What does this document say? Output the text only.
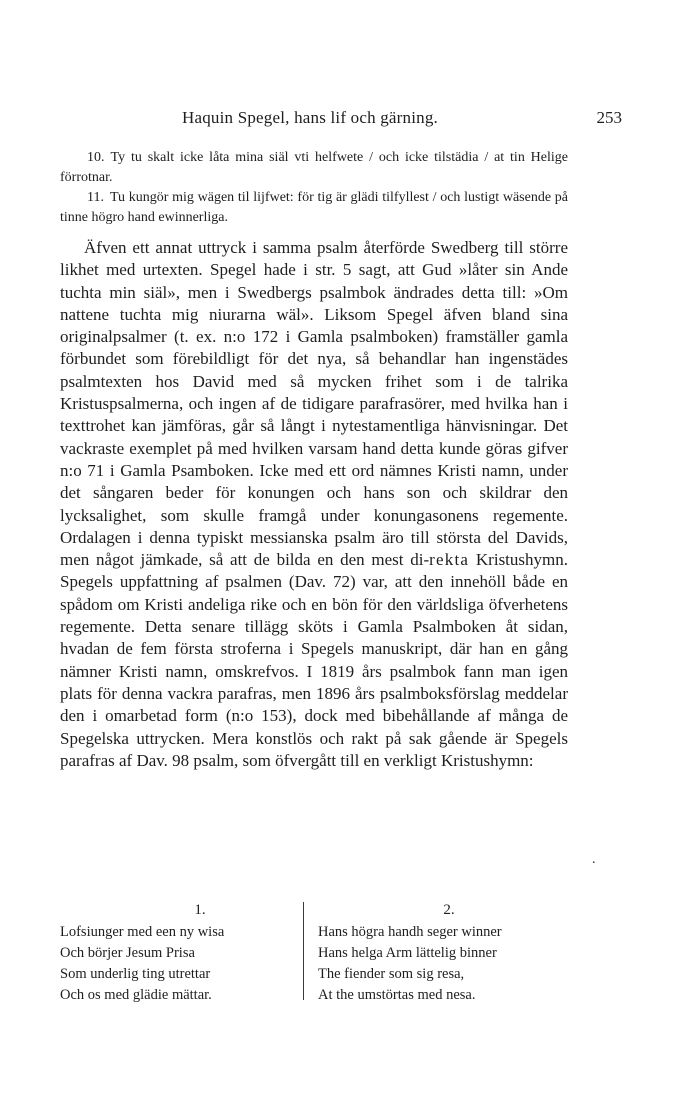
Haquin Spegel, hans lif och gärning.	253

10. Ty tu skalt icke låta mina siäl vti helfwete / och icke tilstädia / at tin Helige förrotnar.

11. Tu kungör mig wägen til lijfwet: för tig är glädi tilfyllest / och lustigt wäsende på tinne högro hand ewinnerliga.

Äfven ett annat uttryck i samma psalm återförde Swedberg till större likhet med urtexten. Spegel hade i str. 5 sagt, att Gud »låter sin Ande tuchta min siäl», men i Swedbergs psalmbok ändrades detta till: »Om nattene tuchta mig niurarna wäl». Liksom Spegel äfven bland sina originalpsalmer (t. ex. n:o 172 i Gamla psalmboken) framställer gamla förbundet som förebildligt för det nya, så behandlar han ingenstädes psalmtexten hos David med så mycken frihet som i de talrika Kristuspsalmerna, och ingen af de tidigare parafrasörer, med hvilka han i texttrohet kan jämföras, går så långt i nytestamentliga hänvisningar. Det vackraste exemplet på med hvilken varsam hand detta kunde göras gifver n:o 71 i Gamla Psamboken. Icke med ett ord nämnes Kristi namn, under det sångaren beder för konungen och hans son och skildrar den lycksalighet, som skulle framgå under konungasonens regemente. Ordalagen i denna typiskt messianska psalm äro till största del Davids, men något jämkade, så att de bilda en den mest di-rekta Kristushymn. Spegels uppfattning af psalmen (Dav. 72) var, att den innehöll både en spådom om Kristi andeliga rike och en bön för den världsliga öfverhetens regemente. Detta senare tillägg sköts i Gamla Psalmboken åt sidan, hvadan de fem första stroferna i Spegels manuskript, där han en gång nämner Kristi namn, omskrefvos. I 1819 års psalmbok fann man igen plats för denna vackra parafras, men 1896 års psalmboksförslag meddelar den i omarbetad form (n:o 153), dock med bibehållande af många de Spegelska uttrycken. Mera konstlös och rakt på sak gående är Spegels parafras af Dav. 98 psalm, som öfvergått till en verkligt Kristushymn:

1.
Lofsiunger med een ny wisa
Och börjer Jesum Prisa
Som underlig ting utrettar
Och os med glädie mättar.
2.
Hans högra handh seger winner
Hans helga Arm lättelig binner
The fiender som sig resa,
At the umstörtas med nesa.
.
